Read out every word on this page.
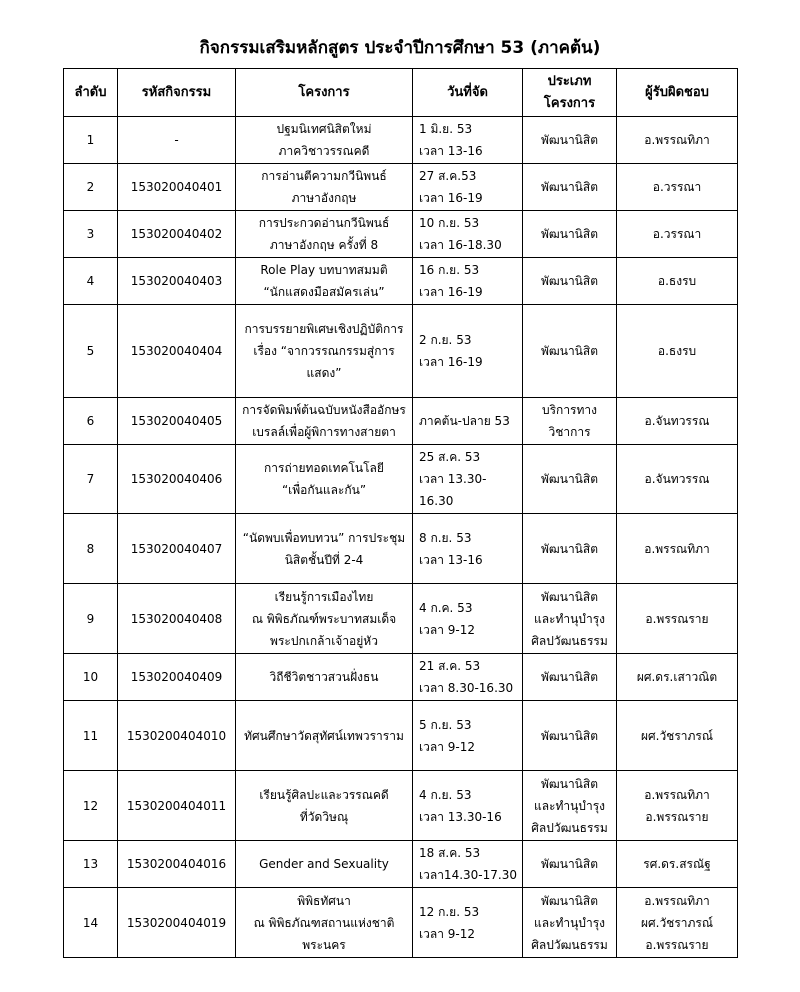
กิจกรรมเสริมหลักสูตร ประจำปีการศึกษา 53 (ภาคต้น)
ลำดับ	รหัสกิจกรรม	โครงการ	วันที่จัด	ประเภท
โครงการ	ผู้รับผิดชอบ
1	-	ปฐมนิเทศนิสิตใหม่
ภาควิชาวรรณคดี	1 มิ.ย. 53
เวลา 13-16	พัฒนานิสิต	อ.พรรณทิภา

2	153020040401	การอ่านตีความกวีนิพนธ์
ภาษาอังกฤษ	27 ส.ค.53
เวลา 16-19	พัฒนานิสิต	อ.วรรณา

3	153020040402	การประกวดอ่านกวีนิพนธ์
ภาษาอังกฤษ ครั้งที่ 8	10 ก.ย. 53
เวลา 16-18.30	พัฒนานิสิต	อ.วรรณา

4	153020040403	Role Play บทบาทสมมติ
“นักแสดงมือสมัครเล่น”	16 ก.ย. 53
เวลา 16-19	พัฒนานิสิต	อ.ธงรบ

5	153020040404	การบรรยายพิเศษเชิงปฏิบัติการ
เรื่อง “จากวรรณกรรมสู่การแสดง”	2 ก.ย. 53
เวลา 16-19	พัฒนานิสิต	อ.ธงรบ

6	153020040405	การจัดพิมพ์ต้นฉบับหนังสืออักษร
เบรลล์เพื่อผู้พิการทางสายตา	ภาคต้น-ปลาย 53	บริการทาง
วิชาการ	อ.จันทวรรณ

7	153020040406	การถ่ายทอดเทคโนโลยี
“เพื่อกันและกัน”	25 ส.ค. 53
เวลา 13.30-16.30	พัฒนานิสิต	อ.จันทวรรณ

8	153020040407	“นัดพบเพื่อทบทวน” การประชุม
นิสิตชั้นปีที่ 2-4	8 ก.ย. 53
เวลา 13-16	พัฒนานิสิต	อ.พรรณทิภา

9	153020040408	เรียนรู้การเมืองไทย
ณ พิพิธภัณฑ์พระบาทสมเด็จ
พระปกเกล้าเจ้าอยู่หัว	4 ก.ค. 53
เวลา 9-12	พัฒนานิสิต
และทำนุบำรุง
ศิลปวัฒนธรรม	อ.พรรณราย

10	153020040409	วิถีชีวิตชาวสวนฝั่งธน	21 ส.ค. 53
เวลา 8.30-16.30	พัฒนานิสิต	ผศ.ดร.เสาวณิต

11	1530200404010	ทัศนศึกษาวัดสุทัศน์เทพวราราม	5 ก.ย. 53
เวลา 9-12	พัฒนานิสิต	ผศ.วัชราภรณ์

12	1530200404011	เรียนรู้ศิลปะและวรรณคดี
ที่วัดวิษณุ	4 ก.ย. 53
เวลา 13.30-16	พัฒนานิสิต
และทำนุบำรุง
ศิลปวัฒนธรรม	อ.พรรณทิภา
อ.พรรณราย

13	1530200404016	Gender and Sexuality	18 ส.ค. 53
เวลา14.30-17.30	พัฒนานิสิต	รศ.ดร.สรณัฐ

14	1530200404019	พิพิธทัศนา
ณ พิพิธภัณฑสถานแห่งชาติ
พระนคร	12 ก.ย. 53
เวลา 9-12	พัฒนานิสิต
และทำนุบำรุง
ศิลปวัฒนธรรม	อ.พรรณทิภา
ผศ.วัชราภรณ์
อ.พรรณราย
